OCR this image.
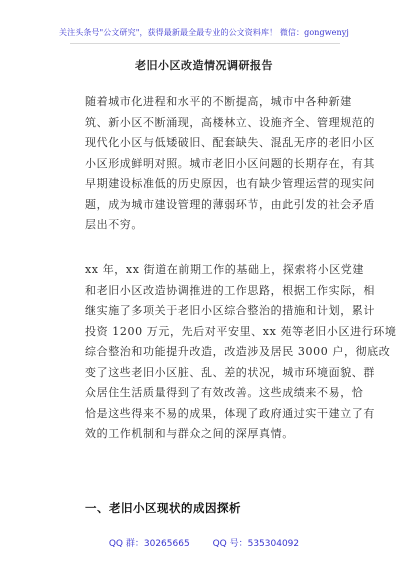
关注头条号"公文研究"，获得最新最全最专业的公文资料库！ 微信：gongwenyj
老旧小区改造情况调研报告
随着城市化进程和水平的不断提高，城市中各种新建
筑、新小区不断涌现，高楼林立、设施齐全、管理规范的
现代化小区与低矮破旧、配套缺失、混乱无序的老旧小区
小区形成鲜明对照。城市老旧小区问题的长期存在，有其
早期建设标准低的历史原因，也有缺少管理运营的现实问
题，成为城市建设管理的薄弱环节，由此引发的社会矛盾
层出不穷。
xx 年，xx 街道在前期工作的基础上，探索将小区党建
和老旧小区改造协调推进的工作思路，根据工作实际，相
继实施了多项关于老旧小区综合整治的措施和计划，累计
投资 1200 万元，先后对平安里、xx 苑等老旧小区进行环境
综合整治和功能提升改造，改造涉及居民 3000 户，彻底改
变了这些老旧小区脏、乱、差的状况，城市环境面貌、群
众居住生活质量得到了有效改善。这些成绩来不易，恰
恰是这些得来不易的成果，体现了政府通过实干建立了有
效的工作机制和与群众之间的深厚真情。
一、老旧小区现状的成因探析
QQ 群：30265665	QQ 号：535304092
